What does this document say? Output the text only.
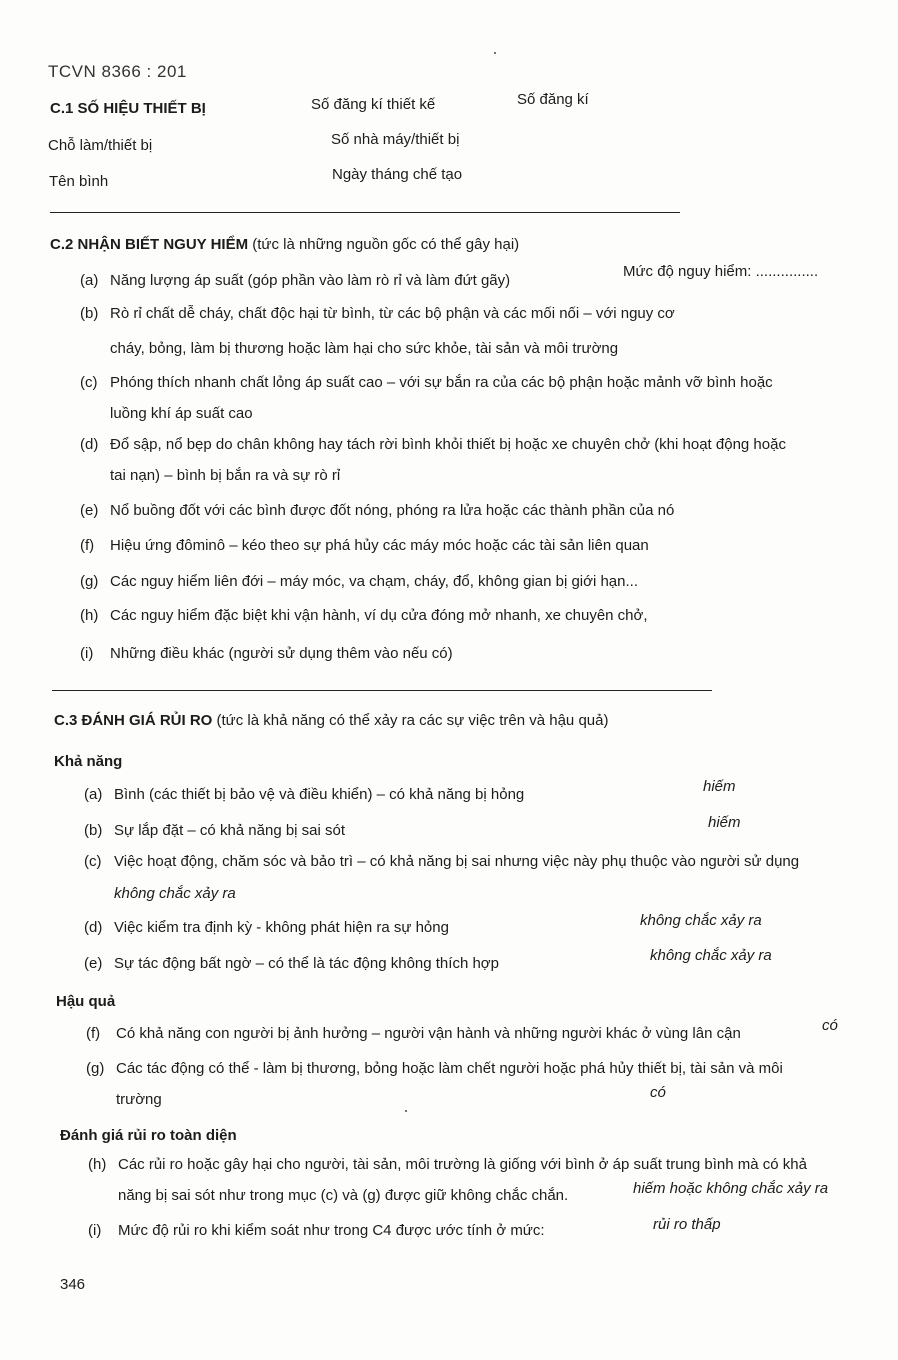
TCVN 8366 : 201
C.1 SỐ HIỆU THIẾT BỊ	Số đăng kí thiết kế	Số đăng kí
Chỗ làm/thiết bị	Số nhà máy/thiết bị
Tên bình	Ngày tháng chế tạo
C.2 NHẬN BIẾT NGUY HIỂM (tức là những nguồn gốc có thể gây hại)
(a) Năng lượng áp suất (góp phần vào làm rò rỉ và làm đứt gãy)
Mức độ nguy hiểm: ...............
(b) Rò rỉ chất dễ cháy, chất độc hại từ bình, từ các bộ phận và các mối nối – với nguy cơ
cháy, bỏng, làm bị thương hoặc làm hại cho sức khỏe, tài sản và môi trường
(c) Phóng thích nhanh chất lỏng áp suất cao – với sự bắn ra của các bộ phận hoặc mảnh vỡ bình hoặc
luồng khí áp suất cao
(d) Đổ sập, nổ bẹp do chân không hay tách rời bình khỏi thiết bị hoặc xe chuyên chở (khi hoạt động hoặc
tai nạn) – bình bị bắn ra và sự rò rỉ
(e) Nổ buồng đốt với các bình được đốt nóng, phóng ra lửa hoặc các thành phần của nó
(f) Hiệu ứng đôminô – kéo theo sự phá hủy các máy móc hoặc các tài sản liên quan
(g) Các nguy hiểm liên đới – máy móc, va chạm, cháy, đổ, không gian bị giới hạn...
(h) Các nguy hiểm đặc biệt khi vận hành, ví dụ cửa đóng mở nhanh, xe chuyên chở,
(i) Những điều khác (người sử dụng thêm vào nếu có)
C.3 ĐÁNH GIÁ RỦI RO (tức là khả năng có thể xảy ra các sự việc trên và hậu quả)
Khả năng
(a) Bình (các thiết bị bảo vệ và điều khiển) – có khả năng bị hỏng	hiếm
(b) Sự lắp đặt – có khả năng bị sai sót	hiếm
(c) Việc hoạt động, chăm sóc và bảo trì – có khả năng bị sai nhưng việc này phụ thuộc vào người sử dụng
không chắc xảy ra
(d) Việc kiểm tra định kỳ - không phát hiện ra sự hỏng	không chắc xảy ra
(e) Sự tác động bất ngờ – có thể là tác động không thích hợp	không chắc xảy ra
Hậu quả
(f) Có khả năng con người bị ảnh hưởng – người vận hành và những người khác ở vùng lân cận	có
(g) Các tác động có thể - làm bị thương, bỏng hoặc làm chết người hoặc phá hủy thiết bị, tài sản và môi
trường	có
Đánh giá rủi ro toàn diện
(h) Các rủi ro hoặc gây hại cho người, tài sản, môi trường là giống với bình ở áp suất trung bình mà có khả
năng bị sai sót như trong mục (c) và (g) được giữ không chắc chắn.	hiếm hoặc không chắc xảy ra
(i) Mức độ rủi ro khi kiểm soát như trong C4 được ước tính ở mức:	rủi ro thấp
346
